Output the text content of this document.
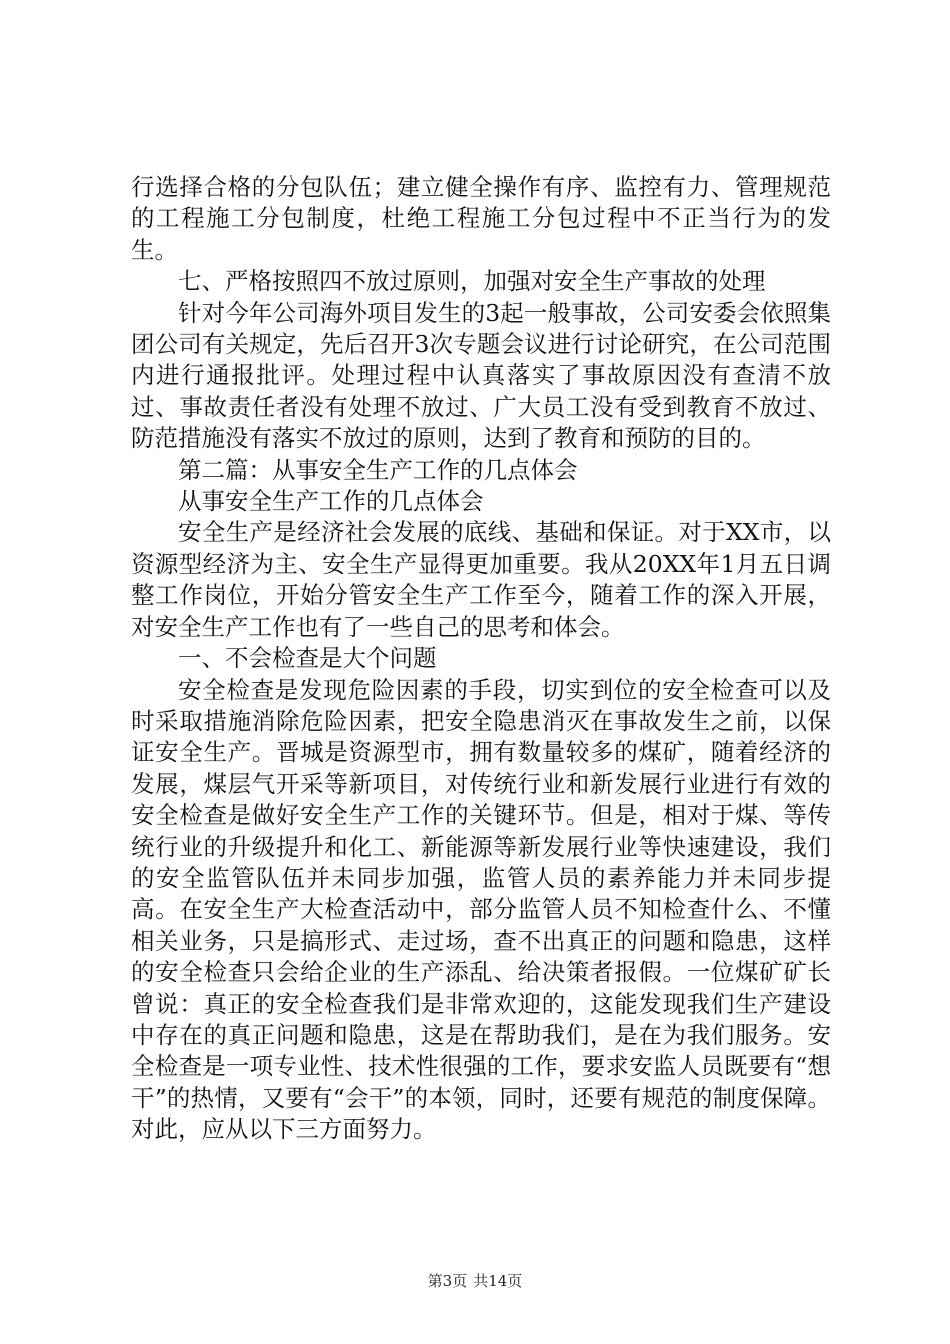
行选择合格的分包队伍；建立健全操作有序、监控有力、管理规范的工程施工分包制度，杜绝工程施工分包过程中不正当行为的发生。

七、严格按照四不放过原则，加强对安全生产事故的处理

针对今年公司海外项目发生的3起一般事故，公司安委会依照集团公司有关规定，先后召开3次专题会议进行讨论研究，在公司范围内进行通报批评。处理过程中认真落实了事故原因没有查清不放过、事故责任者没有处理不放过、广大员工没有受到教育不放过、防范措施没有落实不放过的原则，达到了教育和预防的目的。

第二篇：从事安全生产工作的几点体会

从事安全生产工作的几点体会

安全生产是经济社会发展的底线、基础和保证。对于XX市，以资源型经济为主、安全生产显得更加重要。我从20XX年1月五日调整工作岗位，开始分管安全生产工作至今，随着工作的深入开展，对安全生产工作也有了一些自己的思考和体会。

一、不会检查是大个问题

安全检查是发现危险因素的手段，切实到位的安全检查可以及时采取措施消除危险因素，把安全隐患消灭在事故发生之前，以保证安全生产。晋城是资源型市，拥有数量较多的煤矿，随着经济的发展，煤层气开采等新项目，对传统行业和新发展行业进行有效的安全检查是做好安全生产工作的关键环节。但是，相对于煤、等传统行业的升级提升和化工、新能源等新发展行业等快速建设，我们的安全监管队伍并未同步加强，监管人员的素养能力并未同步提高。在安全生产大检查活动中，部分监管人员不知检查什么、不懂相关业务，只是搞形式、走过场，查不出真正的问题和隐患，这样的安全检查只会给企业的生产添乱、给决策者报假。一位煤矿矿长曾说：真正的安全检查我们是非常欢迎的，这能发现我们生产建设中存在的真正问题和隐患，这是在帮助我们，是在为我们服务。安全检查是一项专业性、技术性很强的工作，要求安监人员既要有“想干”的热情，又要有“会干”的本领，同时，还要有规范的制度保障。对此，应从以下三方面努力。

第3页 共14页
